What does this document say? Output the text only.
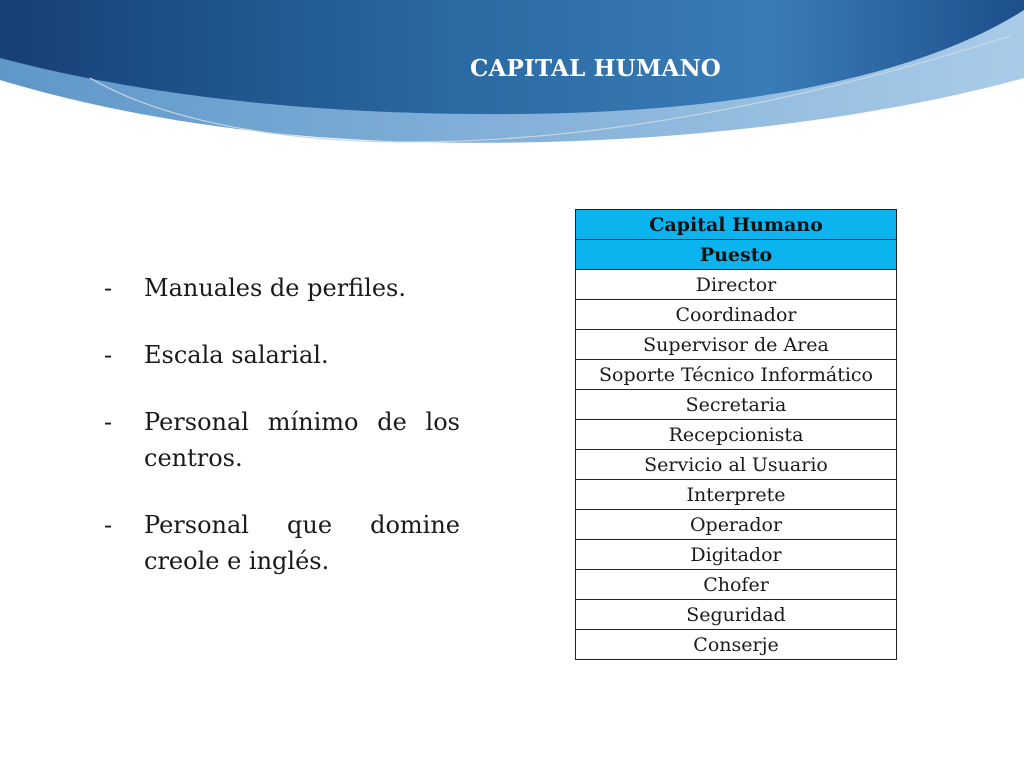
CAPITAL HUMANO
- Manuales de perfiles.
- Escala salarial.
- Personal mínimo de los centros.
- Personal que domine creole e inglés.
Capital Humano
Puesto
Director
Coordinador
Supervisor de Area
Soporte Técnico Informático
Secretaria
Recepcionista
Servicio al Usuario
Interprete
Operador
Digitador
Chofer
Seguridad
Conserje
